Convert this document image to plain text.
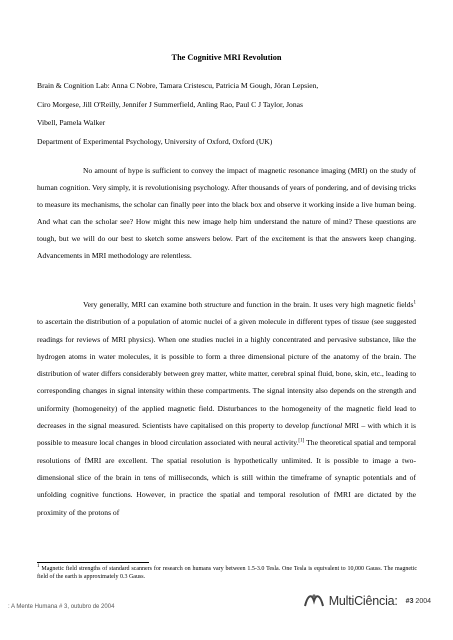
The Cognitive MRI Revolution
Brain & Cognition Lab: Anna C Nobre, Tamara Cristescu, Patricia M Gough, Jöran Lepsien,
Ciro Morgese, Jill O'Reilly, Jennifer J Summerfield, Anling Rao, Paul C J Taylor, Jonas
Vibell, Pamela Walker
Department of Experimental Psychology, University of Oxford, Oxford (UK)

No amount of hype is sufficient to convey the impact of magnetic resonance imaging (MRI) on the study of human cognition. Very simply, it is revolutionising psychology. After thousands of years of pondering, and of devising tricks to measure its mechanisms, the scholar can finally peer into the black box and observe it working inside a live human being. And what can the scholar see? How might this new image help him understand the nature of mind? These questions are tough, but we will do our best to sketch some answers below. Part of the excitement is that the answers keep changing. Advancements in MRI methodology are relentless.

Very generally, MRI can examine both structure and function in the brain. It uses very high magnetic fields$^1$ to ascertain the distribution of a population of atomic nuclei of a given molecule in different types of tissue (see suggested readings for reviews of MRI physics). When one studies nuclei in a highly concentrated and pervasive substance, like the hydrogen atoms in water molecules, it is possible to form a three dimensional picture of the anatomy of the brain. The distribution of water differs considerably between grey matter, white matter, cerebral spinal fluid, bone, skin, etc., leading to corresponding changes in signal intensity within these compartments. The signal intensity also depends on the strength and uniformity (homogeneity) of the applied magnetic field. Disturbances to the homogeneity of the magnetic field lead to decreases in the signal measured. Scientists have capitalised on this property to develop functional MRI – with which it is possible to measure local changes in blood circulation associated with neural activity.[1] The theoretical spatial and temporal resolutions of fMRI are excellent. The spatial resolution is hypothetically unlimited. It is possible to image a two-dimensional slice of the brain in tens of milliseconds, which is still within the timeframe of synaptic potentials and of unfolding cognitive functions. However, in practice the spatial and temporal resolution of fMRI are dictated by the proximity of the protons of

$^1$ Magnetic field strengths of standard scanners for research on humans vary between 1.5-3.0 Tesla. One Tesla is equivalent to 10,000 Gauss. The magnetic field of the earth is approximately 0.3 Gauss.
: A Mente Humana # 3, outubro de 2004	MultiCiência: #3 2004
